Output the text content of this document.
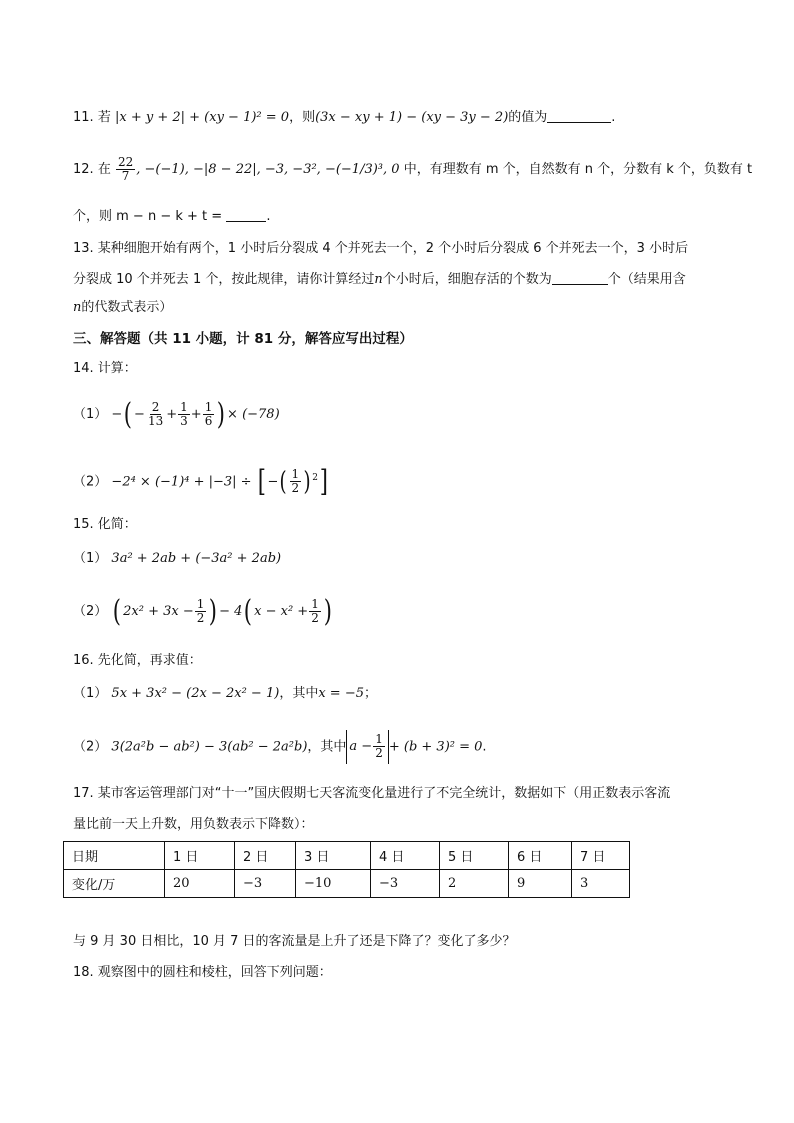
11. 若 |x + y + 2| + (xy − 1)² = 0，则(3x − xy + 1) − (xy − 3y − 2)的值为	.
12. 在 $\frac{22}{7}$ , −(−1), −|8 − 22|, −3, −3², −(−1/3)³, 0 中，有理数有 m 个，自然数有 n 个，分数有 k 个，负数有 t
个，则 m − n − k + t =	.
13. 某种细胞开始有两个，1 小时后分裂成 4 个并死去一个，2 个小时后分裂成 6 个并死去一个，3 小时后
分裂成 10 个并死去 1 个，按此规律，请你计算经过n个小时后，细胞存活的个数为	个（结果用含
n的代数式表示）
三、解答题（共 11 小题，计 81 分，解答应写出过程）
14. 计算：
（1） −( − $\frac{2}{13} + \frac{1}{3} + \frac{1}{6}$ ) × (−78)
（2） −2⁴ × (−1)⁴ + |−3| ÷ [ −( $\frac{1}{2}$ ) $^2$]
15. 化简：
（1） 3a² + 2ab + (−3a² + 2ab)
（2） ( $2x^2 + 3x - \frac{1}{2}$ ) − 4( $x - x^2 + \frac{1}{2}$ )
16. 先化简，再求值：
（1） 5x + 3x² − (2x − 2x² − 1)，其中x = −5；
（2） 3(2a²b − ab²) − 3(ab² − 2a²b)，其中 $a - \frac{1}{2} + (b + 3)^2 = 0$.
17. 某市客运管理部门对“十一”国庆假期七天客流变化量进行了不完全统计，数据如下（用正数表示客流
量比前一天上升数，用负数表示下降数）：
日期	1 日	2 日	3 日	4 日	5 日	6 日	7 日
变化/万	20	−3	−10	−3	2	9	3
与 9 月 30 日相比，10 月 7 日的客流量是上升了还是下降了？变化了多少？
18. 观察图中的圆柱和棱柱，回答下列问题：
